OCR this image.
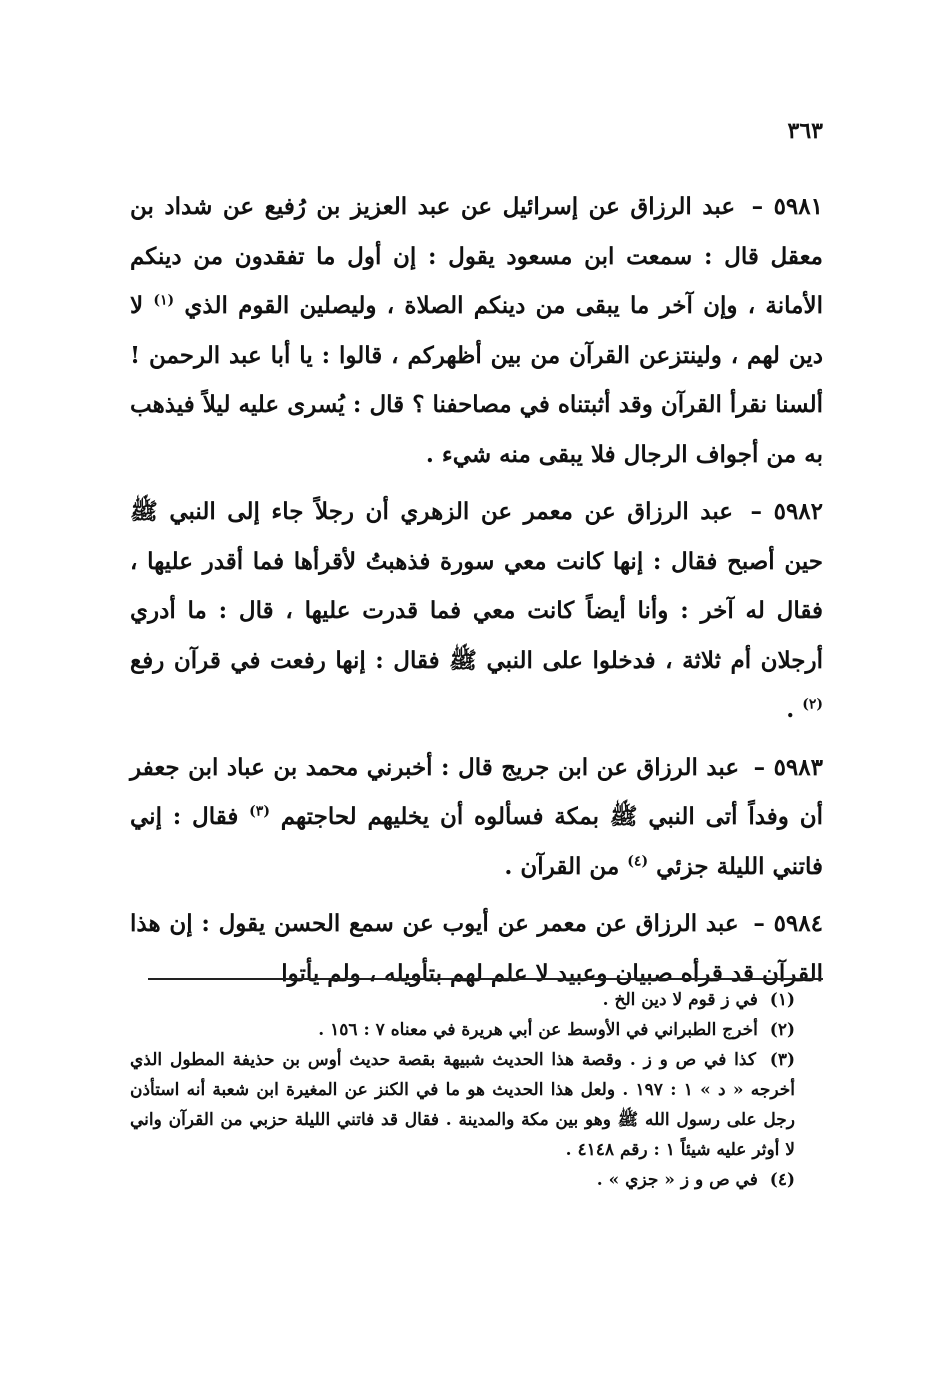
٣٦٣

٥٩٨١ – عبد الرزاق عن إسرائيل عن عبد العزيز بن رُفيع عن شداد بن معقل قال : سمعت ابن مسعود يقول : إن أول ما تفقدون من دينكم الأمانة ، وإن آخر ما يبقى من دينكم الصلاة ، وليصلين القوم الذي $^{(١)}$ لا دين لهم ، ولينتزعن القرآن من بين أظهركم ، قالوا : يا أبا عبد الرحمن ! ألسنا نقرأ القرآن وقد أثبتناه في مصاحفنا ؟ قال : يُسرى عليه ليلاً فيذهب به من أجواف الرجال فلا يبقى منه شيء .

٥٩٨٢ – عبد الرزاق عن معمر عن الزهري أن رجلاً جاء إلى النبي ﷺ حين أصبح فقال : إنها كانت معي سورة فذهبتُ لأقرأها فما أقدر عليها ، فقال له آخر : وأنا أيضاً كانت معي فما قدرت عليها ، قال : ما أدري أرجلان أم ثلاثة ، فدخلوا على النبي ﷺ فقال : إنها رفعت في قرآن رفع $^{(٢)}$ .

٥٩٨٣ – عبد الرزاق عن ابن جريج قال : أخبرني محمد بن عباد ابن جعفر أن وفداً أتى النبي ﷺ بمكة فسألوه أن يخليهم لحاجتهم $^{(٣)}$ فقال : إني فاتني الليلة جزئي $^{(٤)}$ من القرآن .

٥٩٨٤ – عبد الرزاق عن معمر عن أيوب عن سمع الحسن يقول : إن هذا القرآن قد قرأه صبيان وعبيد لا علم لهم بتأويله ، ولم يأتوا

(١) في ز قوم لا دين الخ .

(٢) أخرج الطبراني في الأوسط عن أبي هريرة في معناه ٧ : ١٥٦ .

(٣) كذا في ص و ز . وقصة هذا الحديث شبيهة بقصة حديث أوس بن حذيفة المطول الذي أخرجه « د » ١ : ١٩٧ . ولعل هذا الحديث هو ما في الكنز عن المغيرة ابن شعبة أنه استأذن رجل على رسول الله ﷺ وهو بين مكة والمدينة . فقال قد فاتني الليلة حزبي من القرآن واني لا أوثر عليه شيئاً ١ : رقم ٤١٤٨ .

(٤) في ص و ز « جزي » .
